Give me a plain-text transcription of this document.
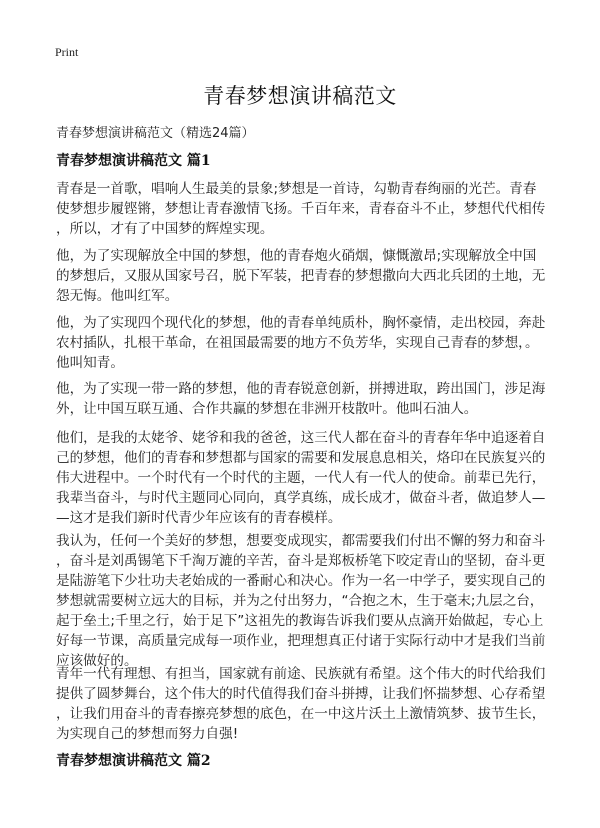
Print
青春梦想演讲稿范文
青春梦想演讲稿范文（精选24篇）
青春梦想演讲稿范文 篇1
青春是一首歌，唱响人生最美的景象;梦想是一首诗，勾勒青春绚丽的光芒。青春
使梦想步履铿锵，梦想让青春激情飞扬。千百年来，青春奋斗不止，梦想代代相传
，所以，才有了中国梦的辉煌实现。
他，为了实现解放全中国的梦想，他的青春炮火硝烟，慷慨激昂;实现解放全中国
的梦想后，又服从国家号召，脱下军装，把青春的梦想撒向大西北兵团的土地，无
怨无悔。他叫红军。
他，为了实现四个现代化的梦想，他的青春单纯质朴，胸怀豪情，走出校园，奔赴
农村插队，扎根干革命，在祖国最需要的地方不负芳华，实现自己青春的梦想，。
他叫知青。
他，为了实现一带一路的梦想，他的青春锐意创新，拼搏进取，跨出国门，涉足海
外，让中国互联互通、合作共赢的梦想在非洲开枝散叶。他叫石油人。
他们，是我的太姥爷、姥爷和我的爸爸，这三代人都在奋斗的青春年华中追逐着自
己的梦想，他们的青春和梦想都与国家的需要和发展息息相关，烙印在民族复兴的
伟大进程中。一个时代有一个时代的主题，一代人有一代人的使命。前辈已先行，
我辈当奋斗，与时代主题同心同向，真学真练，成长成才，做奋斗者，做追梦人—
—这才是我们新时代青少年应该有的青春模样。
我认为，任何一个美好的梦想，想要变成现实，都需要我们付出不懈的努力和奋斗
，奋斗是刘禹锡笔下千淘万漉的辛苦，奋斗是郑板桥笔下咬定青山的坚韧，奋斗更
是陆游笔下少壮功夫老始成的一番耐心和决心。作为一名一中学子，要实现自己的
梦想就需要树立远大的目标，并为之付出努力，“合抱之木，生于毫末;九层之台，
起于垒土;千里之行，始于足下”这祖先的教诲告诉我们要从点滴开始做起，专心上
好每一节课，高质量完成每一项作业，把理想真正付诸于实际行动中才是我们当前
应该做好的。
青年一代有理想、有担当，国家就有前途、民族就有希望。这个伟大的时代给我们
提供了圆梦舞台，这个伟大的时代值得我们奋斗拼搏，让我们怀揣梦想、心存希望
，让我们用奋斗的青春擦亮梦想的底色，在一中这片沃土上激情筑梦、拔节生长，
为实现自己的梦想而努力自强!
青春梦想演讲稿范文 篇2
